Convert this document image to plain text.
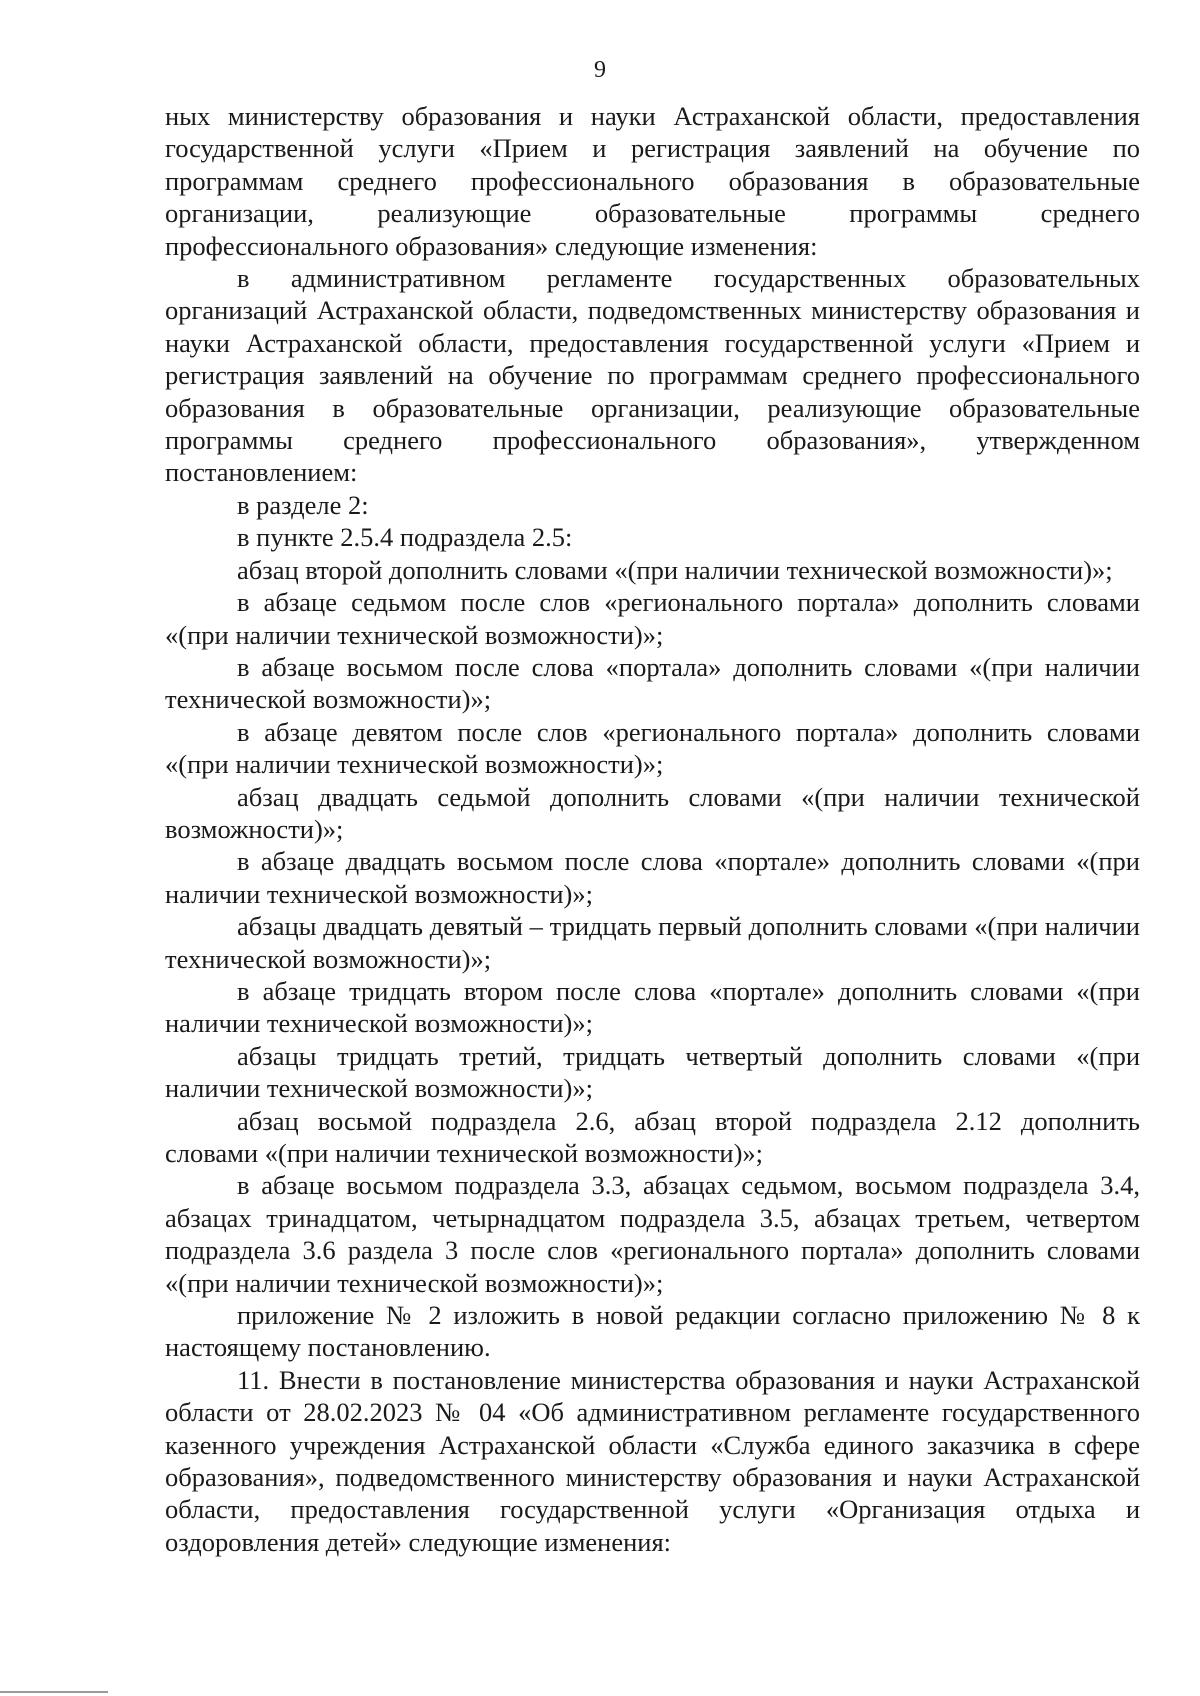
9

ных министерству образования и науки Астраханской области, предоставления государственной услуги «Прием и регистрация заявлений на обучение по программам среднего профессионального образования в образовательные организации, реализующие образовательные программы среднего профессионального образования» следующие изменения:

в административном регламенте государственных образовательных организаций Астраханской области, подведомственных министерству образования и науки Астраханской области, предоставления государственной услуги «Прием и регистрация заявлений на обучение по программам среднего профессионального образования в образовательные организации, реализующие образовательные программы среднего профессионального образования», утвержденном постановлением:

в разделе 2:

в пункте 2.5.4 подраздела 2.5:

абзац второй дополнить словами «(при наличии технической возможности)»;

в абзаце седьмом после слов «регионального портала» дополнить словами «(при наличии технической возможности)»;

в абзаце восьмом после слова «портала» дополнить словами «(при наличии технической возможности)»;

в абзаце девятом после слов «регионального портала» дополнить словами «(при наличии технической возможности)»;

абзац двадцать седьмой дополнить словами «(при наличии технической возможности)»;

в абзаце двадцать восьмом после слова «портале» дополнить словами «(при наличии технической возможности)»;

абзацы двадцать девятый – тридцать первый дополнить словами «(при наличии технической возможности)»;

в абзаце тридцать втором после слова «портале» дополнить словами «(при наличии технической возможности)»;

абзацы тридцать третий, тридцать четвертый дополнить словами «(при наличии технической возможности)»;

абзац восьмой подраздела 2.6, абзац второй подраздела 2.12 дополнить словами «(при наличии технической возможности)»;

в абзаце восьмом подраздела 3.3, абзацах седьмом, восьмом подраздела 3.4, абзацах тринадцатом, четырнадцатом подраздела 3.5, абзацах третьем, четвертом подраздела 3.6 раздела 3 после слов «регионального портала» дополнить словами «(при наличии технической возможности)»;

приложение № 2 изложить в новой редакции согласно приложению № 8 к настоящему постановлению.

11. Внести в постановление министерства образования и науки Астраханской области от 28.02.2023 № 04 «Об административном регламенте государственного казенного учреждения Астраханской области «Служба единого заказчика в сфере образования», подведомственного министерству образования и науки Астраханской области, предоставления государственной услуги «Организация отдыха и оздоровления детей» следующие изменения:
